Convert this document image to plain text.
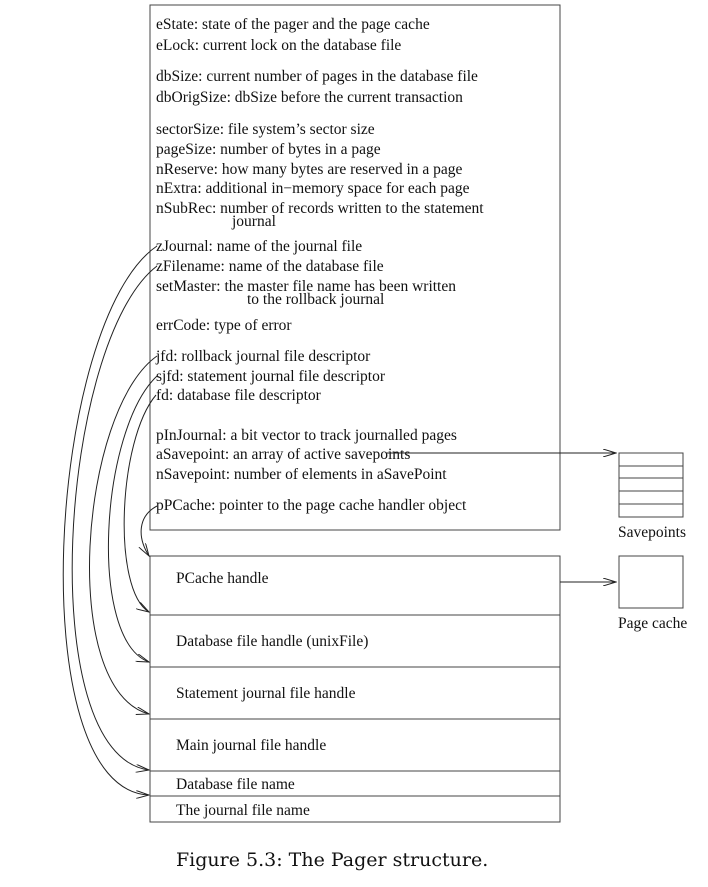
eState: state of the pager and the page cache
eLock: current lock on the database file
dbSize: current number of pages in the database file
dbOrigSize: dbSize before the current transaction
sectorSize: file system’s sector size
pageSize: number of bytes in a page
nReserve: how many bytes are reserved in a page
nExtra: additional in−memory space for each page
nSubRec: number of records written to the statement
journal
zJournal: name of the journal file
zFilename: name of the database file
setMaster: the master file name has been written
to the rollback journal
errCode: type of error
jfd: rollback journal file descriptor
sjfd: statement journal file descriptor
fd: database file descriptor
pInJournal: a bit vector to track journalled pages
aSavepoint: an array of active savepoints
nSavepoint: number of elements in aSavePoint
pPCache: pointer to the page cache handler object
Savepoints
Page cache
PCache handle
Database file handle (unixFile)
Statement journal file handle
Main journal file handle
Database file name
The journal file name
Figure 5.3: The Pager structure.
